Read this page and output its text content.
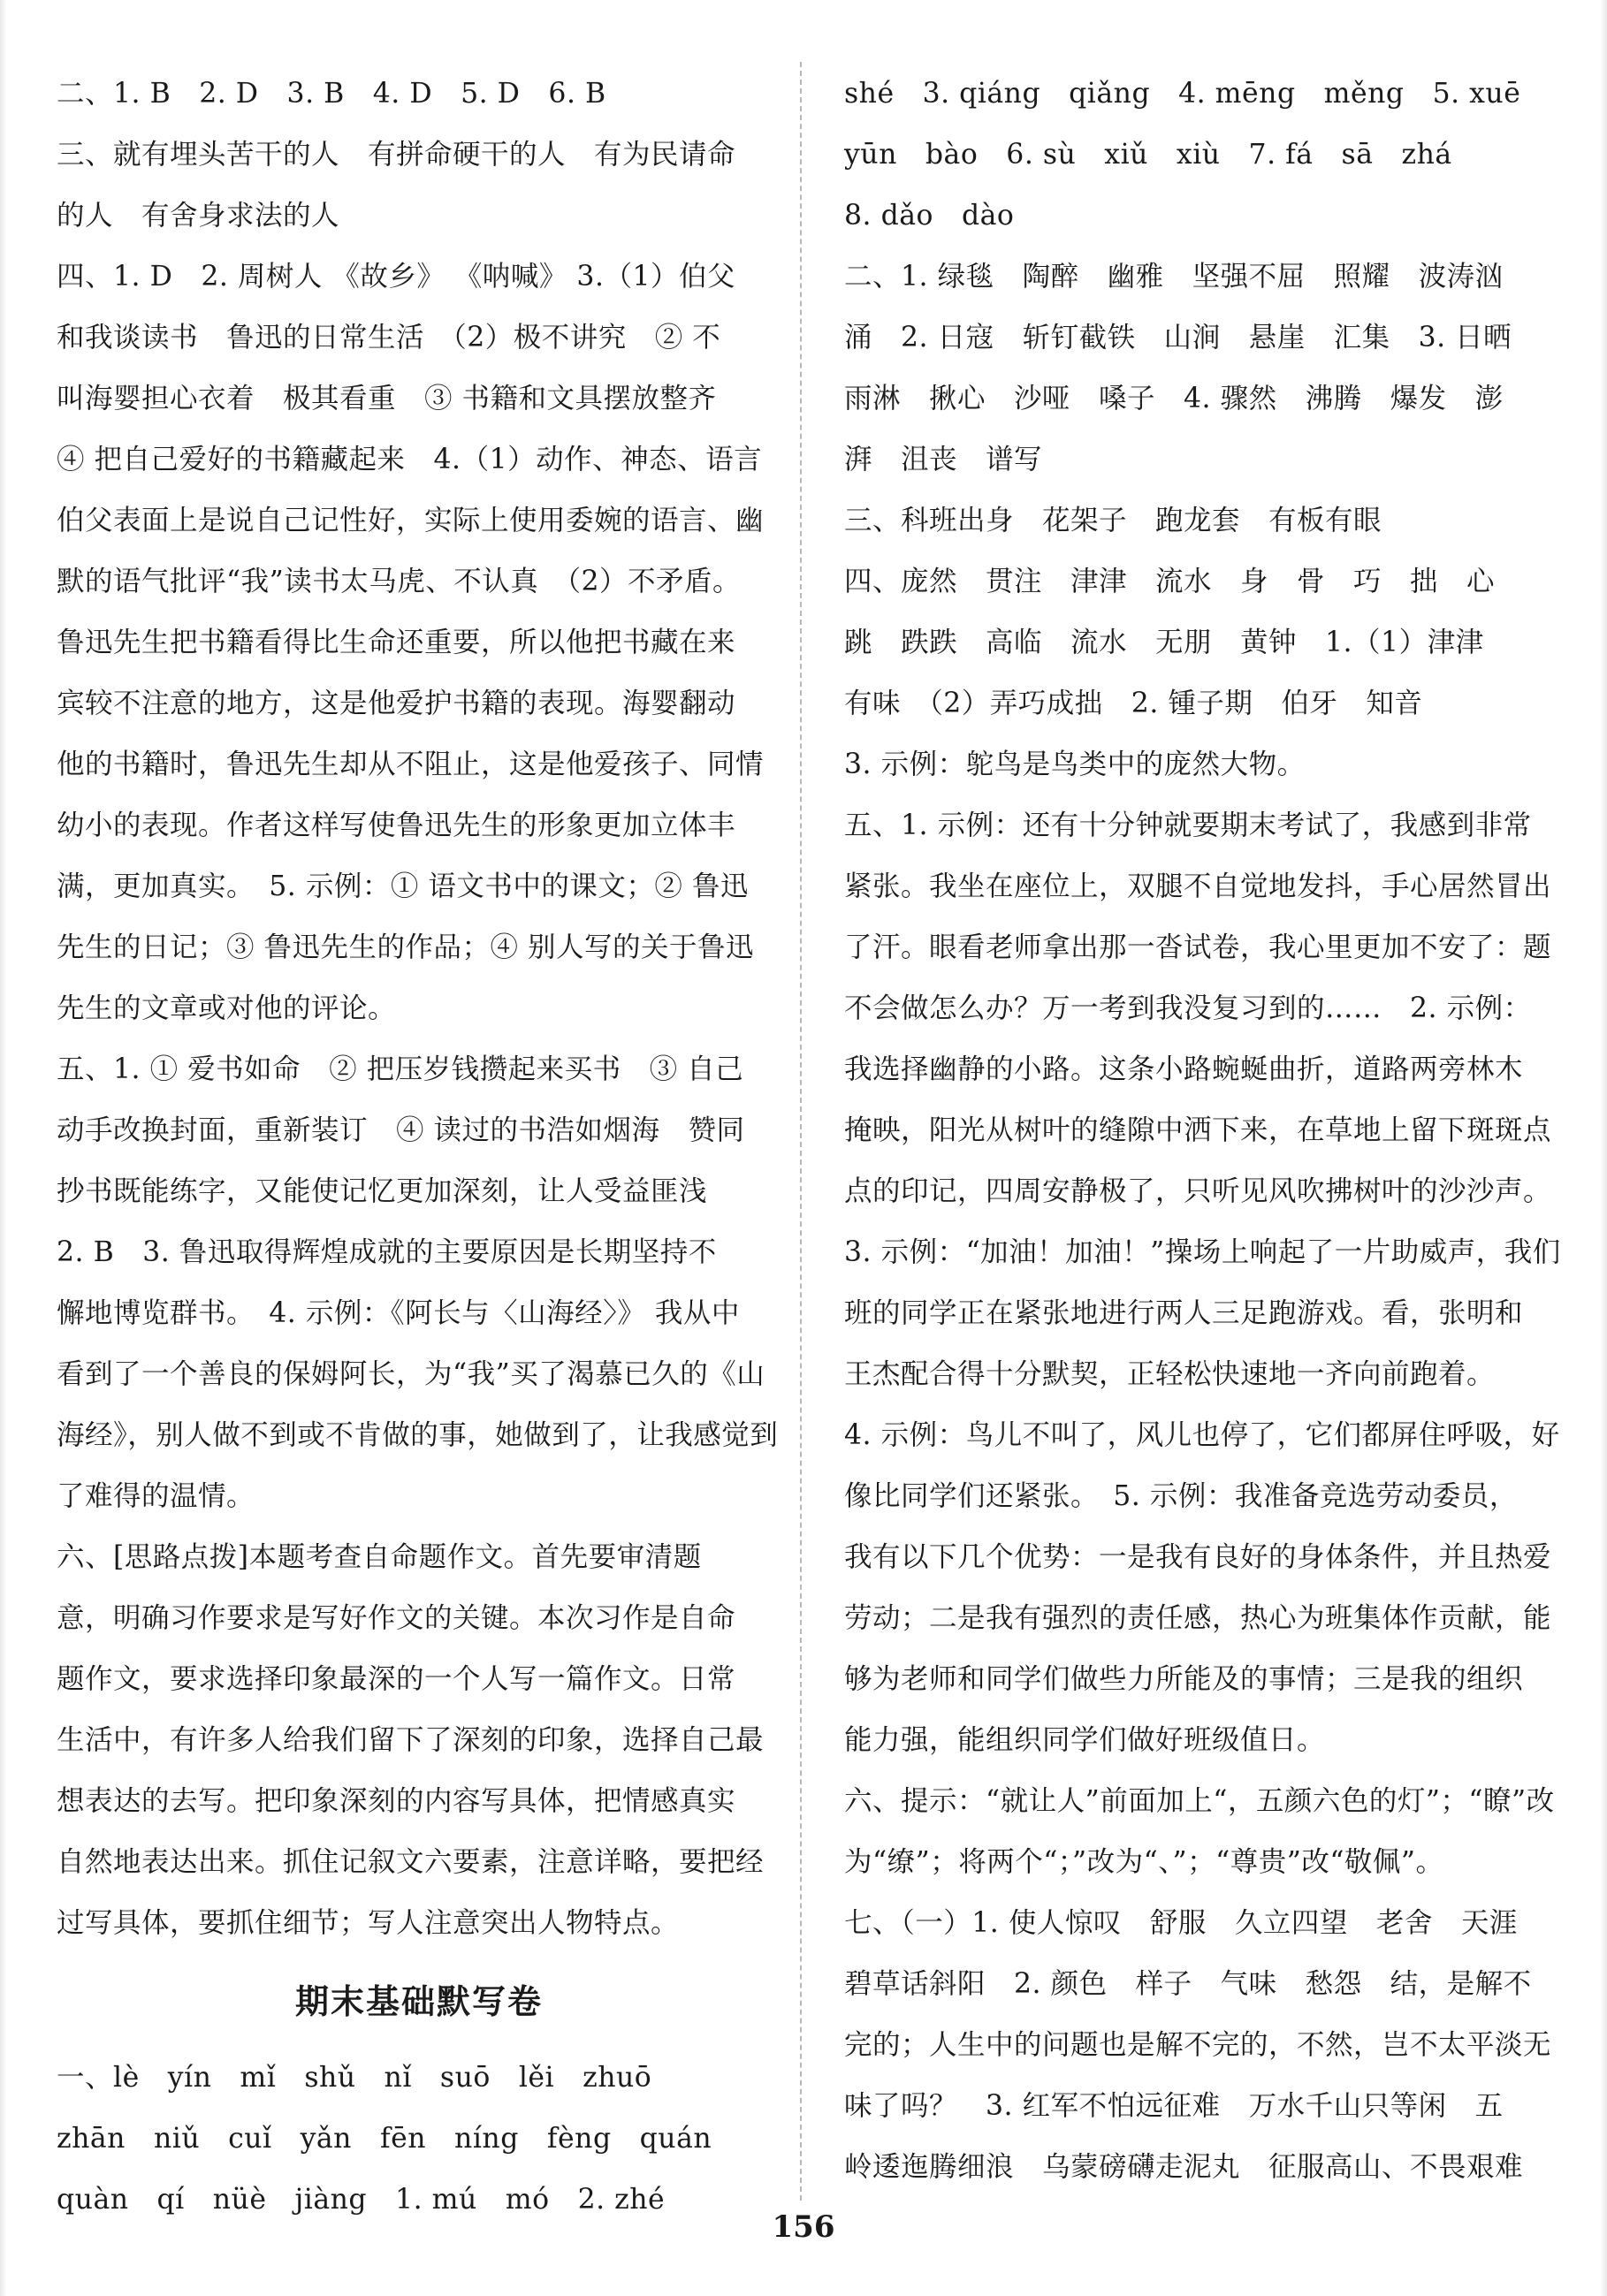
二、1. B　2. D　3. B　4. D　5. D　6. B
三、就有埋头苦干的人　有拼命硬干的人　有为民请命
的人　有舍身求法的人
四、1. D　2. 周树人 《故乡》 《呐喊》 3.（1）伯父
和我谈读书　鲁迅的日常生活　（2）极不讲究　② 不
叫海婴担心衣着　极其看重　③ 书籍和文具摆放整齐
④ 把自己爱好的书籍藏起来　4.（1）动作、神态、语言
伯父表面上是说自己记性好，实际上使用委婉的语言、幽
默的语气批评“我”读书太马虎、不认真　（2）不矛盾。
鲁迅先生把书籍看得比生命还重要，所以他把书藏在来
宾较不注意的地方，这是他爱护书籍的表现。海婴翻动
他的书籍时，鲁迅先生却从不阻止，这是他爱孩子、同情
幼小的表现。作者这样写使鲁迅先生的形象更加立体丰
满，更加真实。　5. 示例：① 语文书中的课文；② 鲁迅
先生的日记；③ 鲁迅先生的作品；④ 别人写的关于鲁迅
先生的文章或对他的评论。
五、1. ① 爱书如命　② 把压岁钱攒起来买书　③ 自己
动手改换封面，重新装订　④ 读过的书浩如烟海　赞同
抄书既能练字，又能使记忆更加深刻，让人受益匪浅
2. B　3. 鲁迅取得辉煌成就的主要原因是长期坚持不
懈地博览群书。　4. 示例：《阿长与〈山海经〉》 我从中
看到了一个善良的保姆阿长，为“我”买了渴慕已久的《山
海经》，别人做不到或不肯做的事，她做到了，让我感觉到
了难得的温情。
六、[思路点拨]本题考查自命题作文。首先要审清题
意，明确习作要求是写好作文的关键。本次习作是自命
题作文，要求选择印象最深的一个人写一篇作文。日常
生活中，有许多人给我们留下了深刻的印象，选择自己最
想表达的去写。把印象深刻的内容写具体，把情感真实
自然地表达出来。抓住记叙文六要素，注意详略，要把经
过写具体，要抓住细节；写人注意突出人物特点。
期末基础默写卷
一、lè　yín　mǐ　shǔ　nǐ　suō　lěi　zhuō
zhān　niǔ　cuǐ　yǎn　fēn　níng　fèng　quán
quàn　qí　nüè　jiàng　1. mú　mó　2. zhé
shé　3. qiáng　qiǎng　4. mēng　měng　5. xuē
yūn　bào　6. sù　xiǔ　xiù　7. fá　sā　zhá
8. dǎo　dào
二、1. 绿毯　陶醉　幽雅　坚强不屈　照耀　波涛汹
涌　2. 日寇　斩钉截铁　山涧　悬崖　汇集　3. 日晒
雨淋　揪心　沙哑　嗓子　4. 骤然　沸腾　爆发　澎
湃　沮丧　谱写
三、科班出身　花架子　跑龙套　有板有眼
四、庞然　贯注　津津　流水　身　骨　巧　拙　心
跳　跌跌　高临　流水　无朋　黄钟　1.（1）津津
有味　（2）弄巧成拙　2. 锺子期　伯牙　知音
3. 示例：鸵鸟是鸟类中的庞然大物。
五、1. 示例：还有十分钟就要期末考试了，我感到非常
紧张。我坐在座位上，双腿不自觉地发抖，手心居然冒出
了汗。眼看老师拿出那一沓试卷，我心里更加不安了：题
不会做怎么办？万一考到我没复习到的……　2. 示例：
我选择幽静的小路。这条小路蜿蜒曲折，道路两旁林木
掩映，阳光从树叶的缝隙中洒下来，在草地上留下斑斑点
点的印记，四周安静极了，只听见风吹拂树叶的沙沙声。
3. 示例：“加油！加油！”操场上响起了一片助威声，我们
班的同学正在紧张地进行两人三足跑游戏。看，张明和
王杰配合得十分默契，正轻松快速地一齐向前跑着。
4. 示例：鸟儿不叫了，风儿也停了，它们都屏住呼吸，好
像比同学们还紧张。　5. 示例：我准备竞选劳动委员，
我有以下几个优势：一是我有良好的身体条件，并且热爱
劳动；二是我有强烈的责任感，热心为班集体作贡献，能
够为老师和同学们做些力所能及的事情；三是我的组织
能力强，能组织同学们做好班级值日。
六、提示：“就让人”前面加上“，五颜六色的灯”；“瞭”改
为“缭”；将两个“；”改为“、”；“尊贵”改“敬佩”。
七、（一）1. 使人惊叹　舒服　久立四望　老舍　天涯
碧草话斜阳　2. 颜色　样子　气味　愁怨　结，是解不
完的；人生中的问题也是解不完的，不然，岂不太平淡无
味了吗？　3. 红军不怕远征难　万水千山只等闲　五
岭逶迤腾细浪　乌蒙磅礴走泥丸　征服高山、不畏艰难
156
